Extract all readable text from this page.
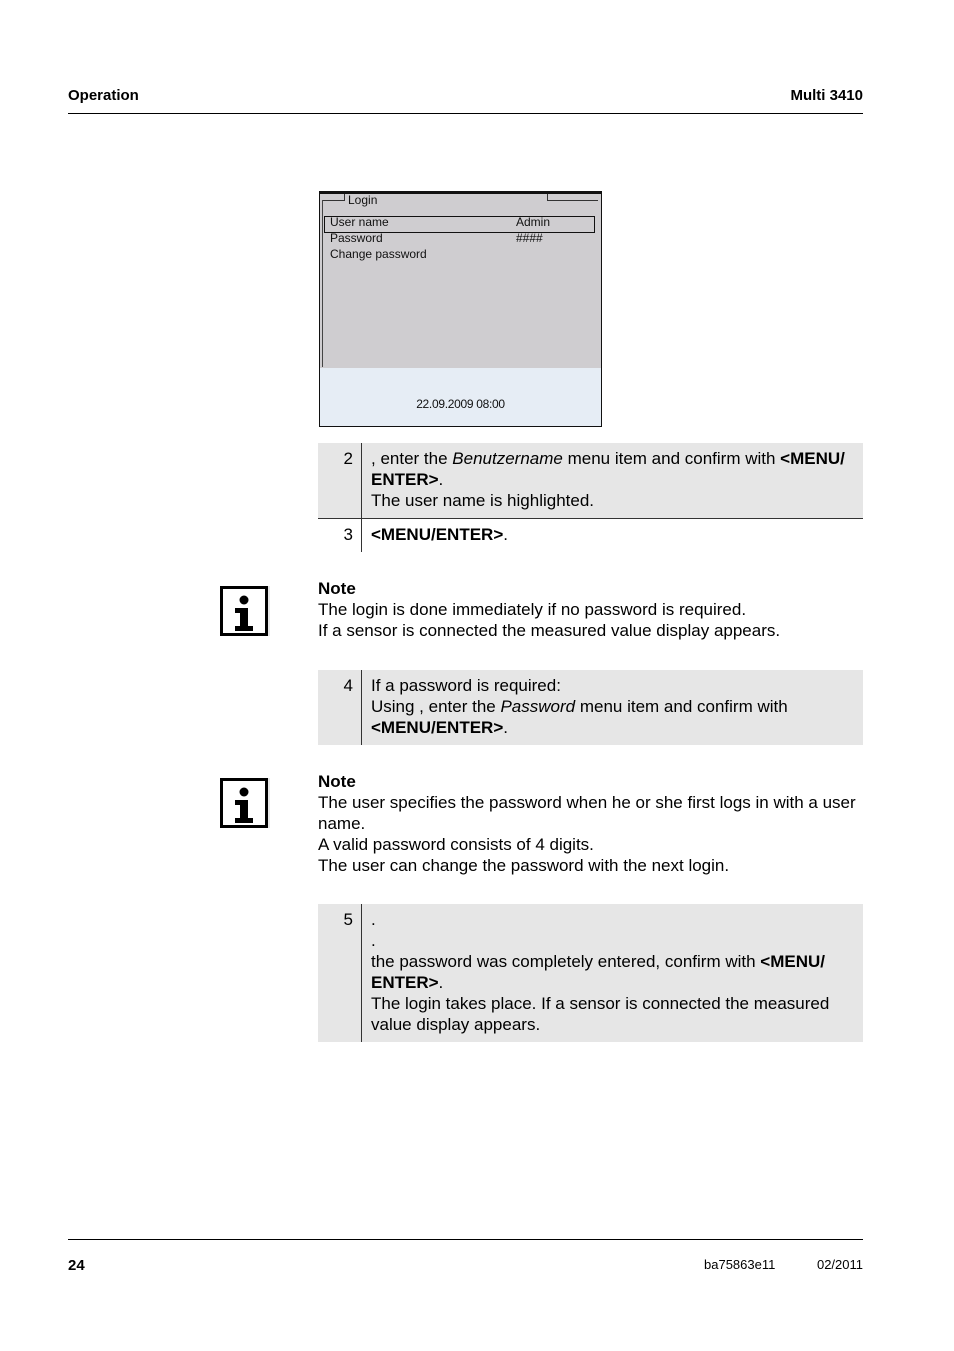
Operation	Multi 3410
Login
User name	Admin
Password	####
Change password
22.09.2009 08:00
2 , enter the Benutzername menu item and confirm with <MENU/ ENTER>.
The user name is highlighted.
3 <MENU/ENTER>.
Note
The login is done immediately if no password is required.
If a sensor is connected the measured value display appears.
4 If a password is required:
Using , enter the Password menu item and confirm with
<MENU/ENTER>.
Note
The user specifies the password when he or she first logs in with a user name.
A valid password consists of 4 digits.
The user can change the password with the next login.
5 .
.
the password was completely entered, confirm with <MENU/ ENTER>.
The login takes place. If a sensor is connected the measured value display appears.
24	ba75863e11	02/2011
